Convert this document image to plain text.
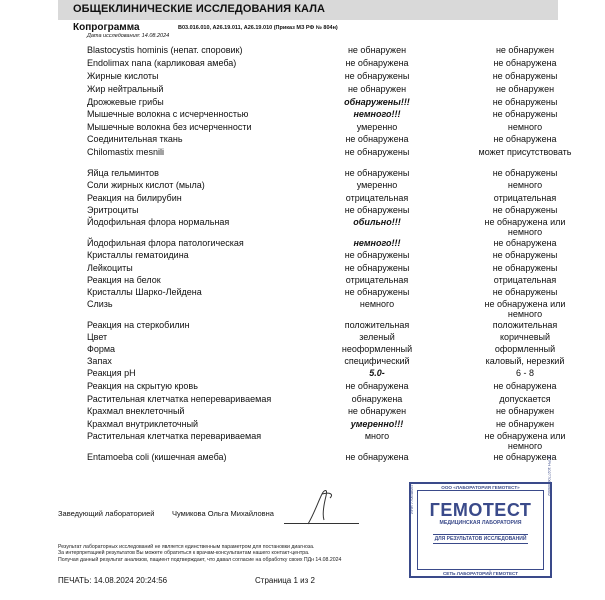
ОБЩЕКЛИНИЧЕСКИЕ ИССЛЕДОВАНИЯ КАЛА
Копрограмма	В03.016.010, А26.19.011, А26.19.010 (Приказ МЗ РФ № 804н)
Дата исследования: 14.08.2024
Blastocystis hominis (непат. споровик)	не обнаружен	не обнаружен
Endolimax nana (карликовая амеба)	не обнаружена	не обнаружена
Жирные кислоты	не обнаружены	не обнаружены
Жир нейтральный	не обнаружен	не обнаружен
Дрожжевые грибы	обнаружены!!!	не обнаружены
Мышечные волокна с исчерченностью	немного!!!	не обнаружены
Мышечные волокна без исчерченности	умеренно	немного
Соединительная ткань	не обнаружена	не обнаружена
Chilomastix mesnili	не обнаружены	может присутствовать
Яйца гельминтов	не обнаружены	не обнаружены
Соли жирных кислот (мыла)	умеренно	немного
Реакция на билирубин	отрицательная	отрицательная
Эритроциты	не обнаружены	не обнаружены
Йодофильная флора нормальная	обильно!!!	не обнаружена или немного
Йодофильная флора патологическая	немного!!!	не обнаружена
Кристаллы гематоидина	не обнаружены	не обнаружены
Лейкоциты	не обнаружены	не обнаружены
Реакция на белок	отрицательная	отрицательная
Кристаллы Шарко-Лейдена	не обнаружены	не обнаружены
Слизь	немного	не обнаружена или немного
Реакция на стеркобилин	положительная	положительная
Цвет	зеленый	коричневый
Форма	неоформленный	оформленный
Запах	специфический	каловый, нерезкий
Реакция pH	5.0-	6 - 8
Реакция на скрытую кровь	не обнаружена	не обнаружена
Растительная клетчатка непереваривaемая	обнаружена	допускается
Крахмал внеклеточный	не обнаружен	не обнаружен
Крахмал внутриклеточный	умеренно!!!	не обнаружен
Растительная клетчатка перевариваемая	много	не обнаружена или немного
Entamoeba coli (кишечная амеба)	не обнаружена	не обнаружена
Заведующий лабораторией Чумикова Ольга Михайловна
Результат лабораторных исследований не является единственным параметром для постановки диагноза.
За интерпретацией результатов Вы можете обратиться к врачам-консультантам нашего контакт-центра.
Получая данный результат анализов, пациент подтверждает, что давал согласие на обработку своих ПДн 14.08.2024
ООО «ЛАБОРАТОРИЯ ГЕМОТЕСТ»
ИНН 7706480571
ОГРН 1027706006842
ГЕМОТЕСТ
МЕДИЦИНСКАЯ ЛАБОРАТОРИЯ
ДЛЯ РЕЗУЛЬТАТОВ ИССЛЕДОВАНИЙ
СЕТЬ ЛАБОРАТОРИЙ ГЕМОТЕСТ
ПЕЧАТЬ: 14.08.2024 20:24:56	Страница 1 из 2
